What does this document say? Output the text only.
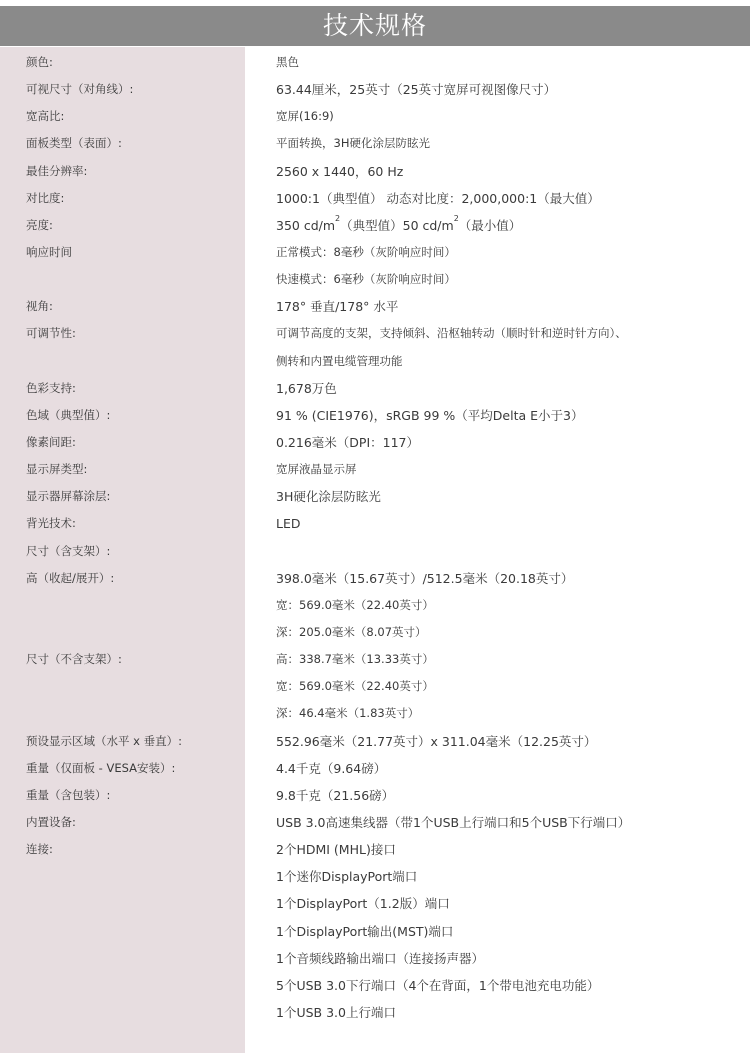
技术规格
颜色:	黑色
可视尺寸（对角线）:	63.44厘米，25英寸（25英寸宽屏可视图像尺寸）
宽高比:	宽屏(16:9)
面板类型（表面）:	平面转换，3H硬化涂层防眩光
最佳分辨率:	2560 x 1440，60 Hz
对比度:	1000:1（典型值） 动态对比度：2,000,000:1（最大值）
亮度:	350 $cd/m^2$（典型值）50 $cd/m^2$（最小值）
响应时间	正常模式：8毫秒（灰阶响应时间）
快速模式：6毫秒（灰阶响应时间）
视角:	178° 垂直/178° 水平
可调节性:	可调节高度的支架，支持倾斜、沿枢轴转动（顺时针和逆时针方向）、
侧转和内置电缆管理功能
色彩支持:	1,678万色
色域（典型值）:	91 % (CIE1976)，sRGB 99 %（平均Delta E小于3）
像素间距:	0.216毫米（DPI：117）
显示屏类型:	宽屏液晶显示屏
显示器屏幕涂层:	3H硬化涂层防眩光
背光技术:	LED
尺寸（含支架）:
高（收起/展开）:	398.0毫米（15.67英寸）/512.5毫米（20.18英寸）
宽：569.0毫米（22.40英寸）
深：205.0毫米（8.07英寸）
尺寸（不含支架）:	高：338.7毫米（13.33英寸）
宽：569.0毫米（22.40英寸）
深：46.4毫米（1.83英寸）
预设显示区域（水平 x 垂直）:	552.96毫米（21.77英寸）x 311.04毫米（12.25英寸）
重量（仅面板 - VESA安装）:	4.4千克（9.64磅）
重量（含包装）:	9.8千克（21.56磅）
内置设备:	USB 3.0高速集线器（带1个USB上行端口和5个USB下行端口）
连接:	2个HDMI (MHL)接口
1个迷你DisplayPort端口
1个DisplayPort（1.2版）端口
1个DisplayPort输出(MST)端口
1个音频线路输出端口（连接扬声器）
5个USB 3.0下行端口（4个在背面，1个带电池充电功能）
1个USB 3.0上行端口
